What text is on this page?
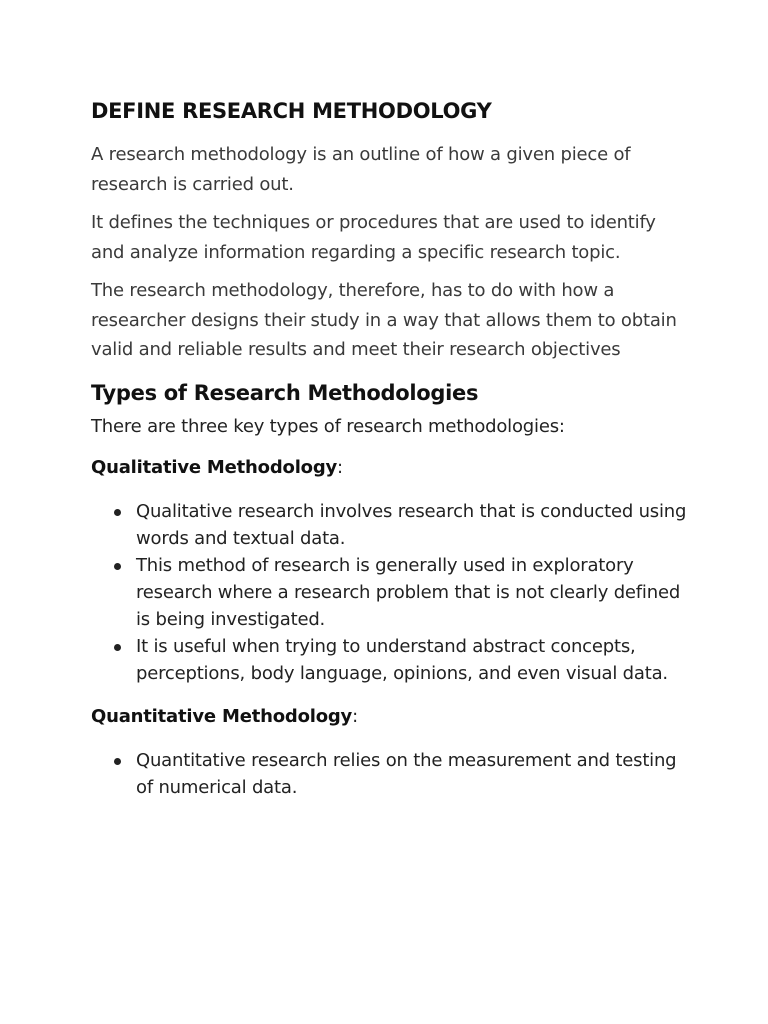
DEFINE RESEARCH METHODOLOGY

A research methodology is an outline of how a given piece of research is carried out.

It defines the techniques or procedures that are used to identify and analyze information regarding a specific research topic.

The research methodology, therefore, has to do with how a researcher designs their study in a way that allows them to obtain valid and reliable results and meet their research objectives

Types of Research Methodologies

There are three key types of research methodologies:

Qualitative Methodology:

Qualitative research involves research that is conducted using words and textual data.
This method of research is generally used in exploratory research where a research problem that is not clearly defined is being investigated.
It is useful when trying to understand abstract concepts, perceptions, body language, opinions, and even visual data.

Quantitative Methodology:

Quantitative research relies on the measurement and testing of numerical data.
